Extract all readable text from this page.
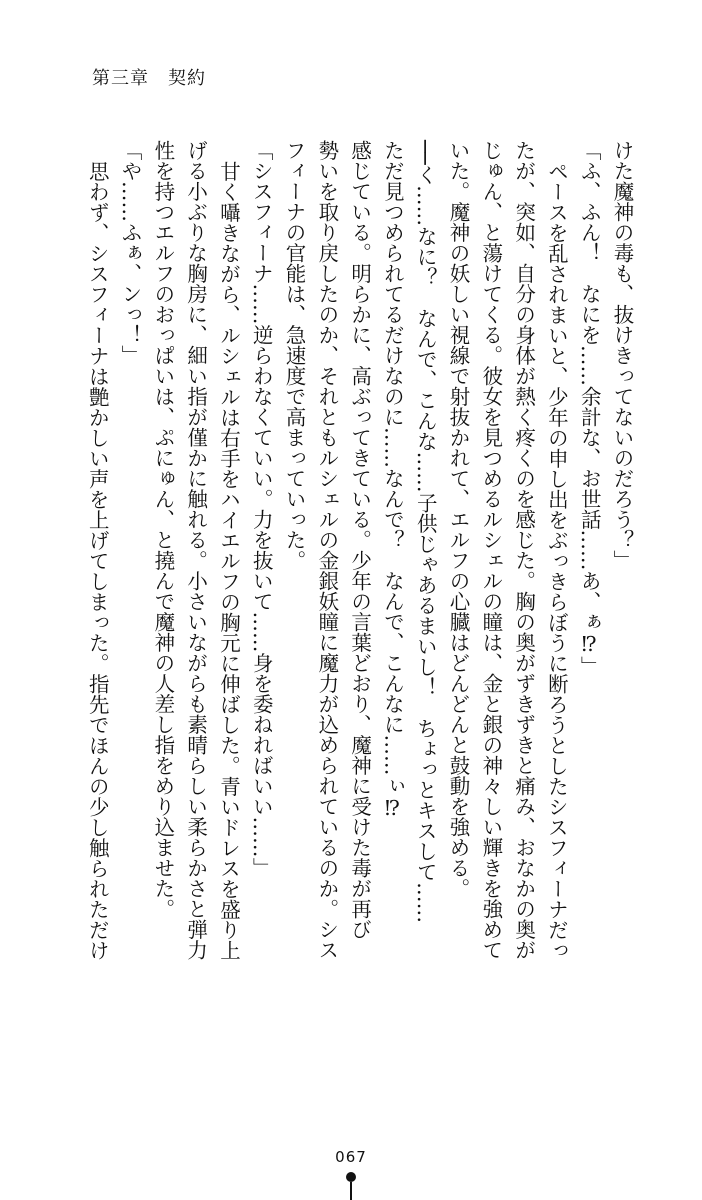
第三章　契約
けた魔神の毒も、抜けきってないのだろう？」
「ふ、ふん！　なにを……余計な、お世話……あ、ぁ⁉」
ペースを乱されまいと、少年の申し出をぶっきらぼうに断ろうとしたシスフィーナだっ
たが、突如、自分の身体が熱く疼くのを感じた。胸の奥がずきずきと痛み、おなかの奥が
じゅん、と蕩けてくる。彼女を見つめるルシェルの瞳は、金と銀の神々しい輝きを強めて
いた。魔神の妖しい視線で射抜かれて、エルフの心臓はどんどんと鼓動を強める。
──く……なに？　なんで、こんな……子供じゃあるまいし！　ちょっとキスして……
ただ見つめられてるだけなのに……なんで？　なんで、こんなに……ぃ⁉
感じている。明らかに、高ぶってきている。少年の言葉どおり、魔神に受けた毒が再び
勢いを取り戻したのか、それともルシェルの金銀妖瞳に魔力が込められているのか。シス
フィーナの官能は、急速度で高まっていった。
「シスフィーナ……逆らわなくていい。力を抜いて……身を委ねればいい……」
甘く囁きながら、ルシェルは右手をハイエルフの胸元に伸ばした。青いドレスを盛り上
げる小ぶりな胸房に、細い指が僅かに触れる。小さいながらも素晴らしい柔らかさと弾力
性を持つエルフのおっぱいは、ぷにゅん、と撓んで魔神の人差し指をめり込ませた。
「や……ふぁ、ンっ！」
思わず、シスフィーナは艶かしい声を上げてしまった。指先でほんの少し触られただけ
067
